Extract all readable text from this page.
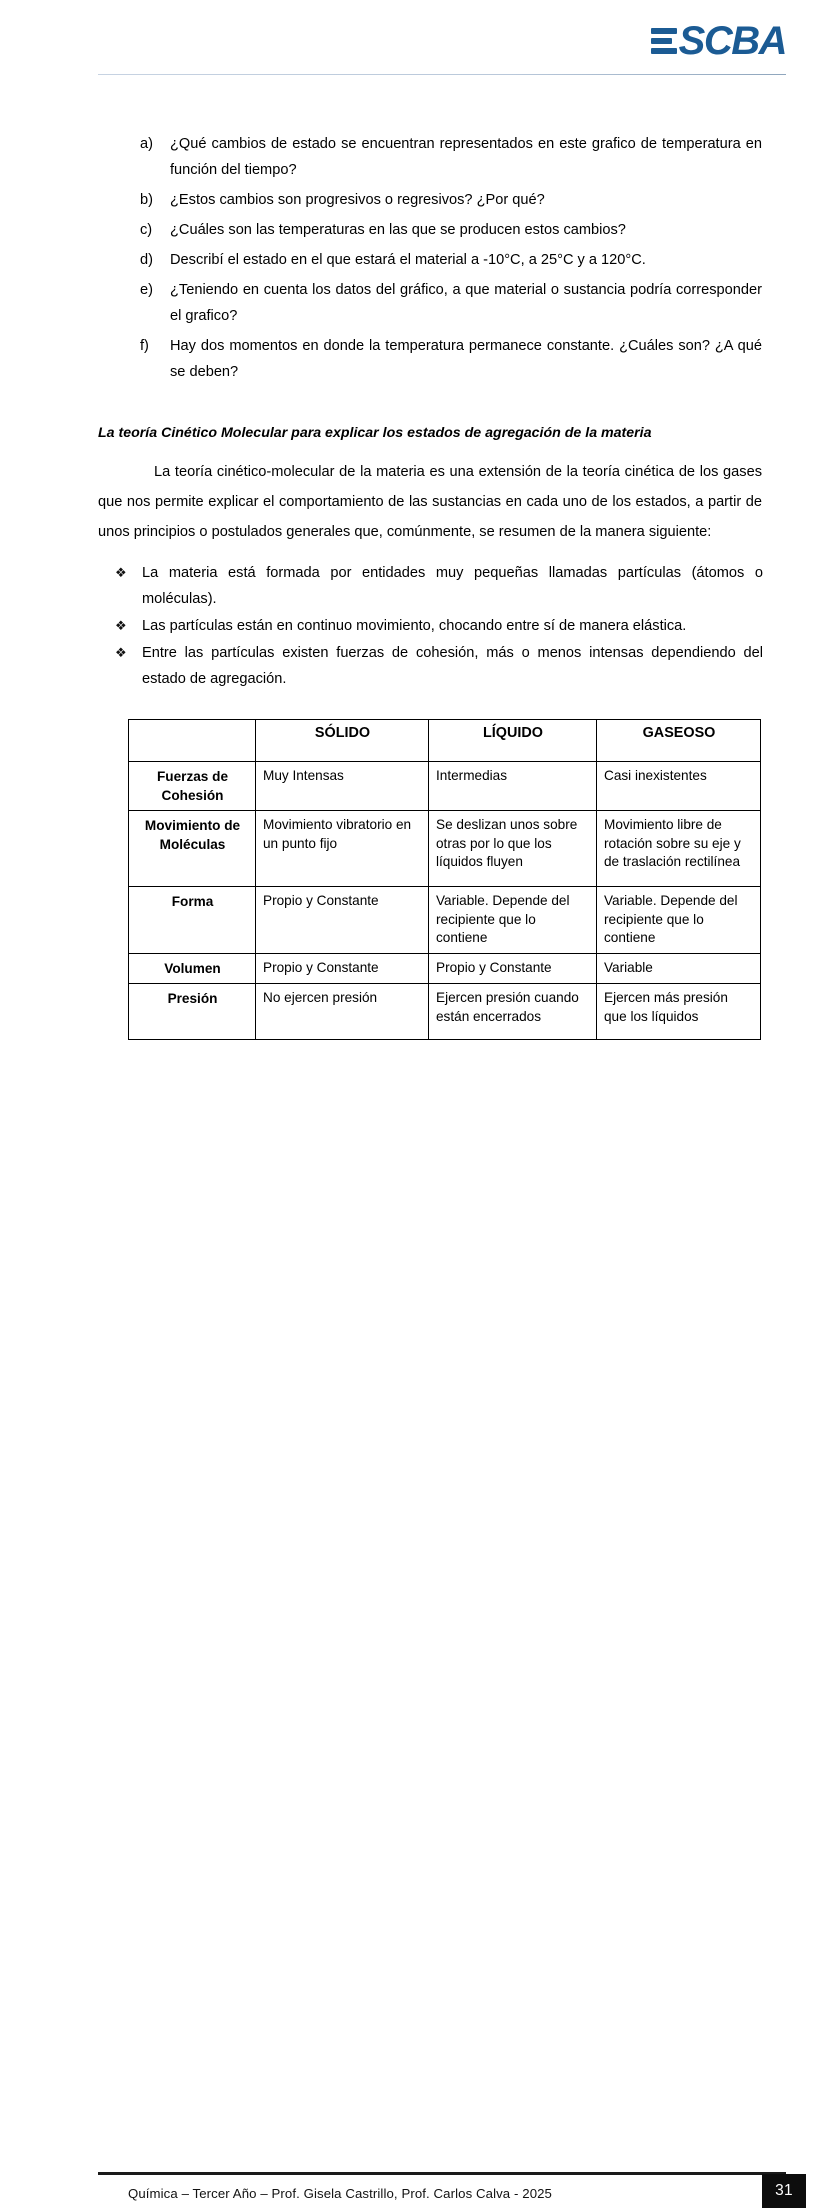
SCBA
a)	¿Qué cambios de estado se encuentran representados en este grafico de temperatura en función del tiempo?
b)	¿Estos cambios son progresivos o regresivos? ¿Por qué?
c)	¿Cuáles son las temperaturas en las que se producen estos cambios?
d)	Describí el estado en el que estará el material a -10°C, a 25°C y a 120°C.
e)	¿Teniendo en cuenta los datos del gráfico, a que material o sustancia podría corresponder el grafico?
f)	Hay dos momentos en donde la temperatura permanece constante. ¿Cuáles son? ¿A qué se deben?
La teoría Cinético Molecular para explicar los estados de agregación de la materia
La teoría cinético-molecular de la materia es una extensión de la teoría cinética de los gases que nos permite explicar el comportamiento de las sustancias en cada uno de los estados, a partir de unos principios o postulados generales que, comúnmente, se resumen de la manera siguiente:
❖	La materia está formada por entidades muy pequeñas llamadas partículas (átomos o moléculas).
❖	Las partículas están en continuo movimiento, chocando entre sí de manera elástica.
❖	Entre las partículas existen fuerzas de cohesión, más o menos intensas dependiendo del estado de agregación.
	SÓLIDO	LÍQUIDO	GASEOSO
Fuerzas de Cohesión	Muy Intensas	Intermedias	Casi inexistentes
Movimiento de Moléculas	Movimiento vibratorio en un punto fijo	Se deslizan unos sobre otras por lo que los líquidos fluyen	Movimiento libre de rotación sobre su eje y de traslación rectilínea
Forma	Propio y Constante	Variable. Depende del recipiente que lo contiene	Variable. Depende del recipiente que lo contiene
Volumen	Propio y Constante	Propio y Constante	Variable
Presión	No ejercen presión	Ejercen presión cuando están encerrados	Ejercen más presión que los líquidos
Química – Tercer Año – Prof. Gisela Castrillo, Prof. Carlos Calva - 2025	31
